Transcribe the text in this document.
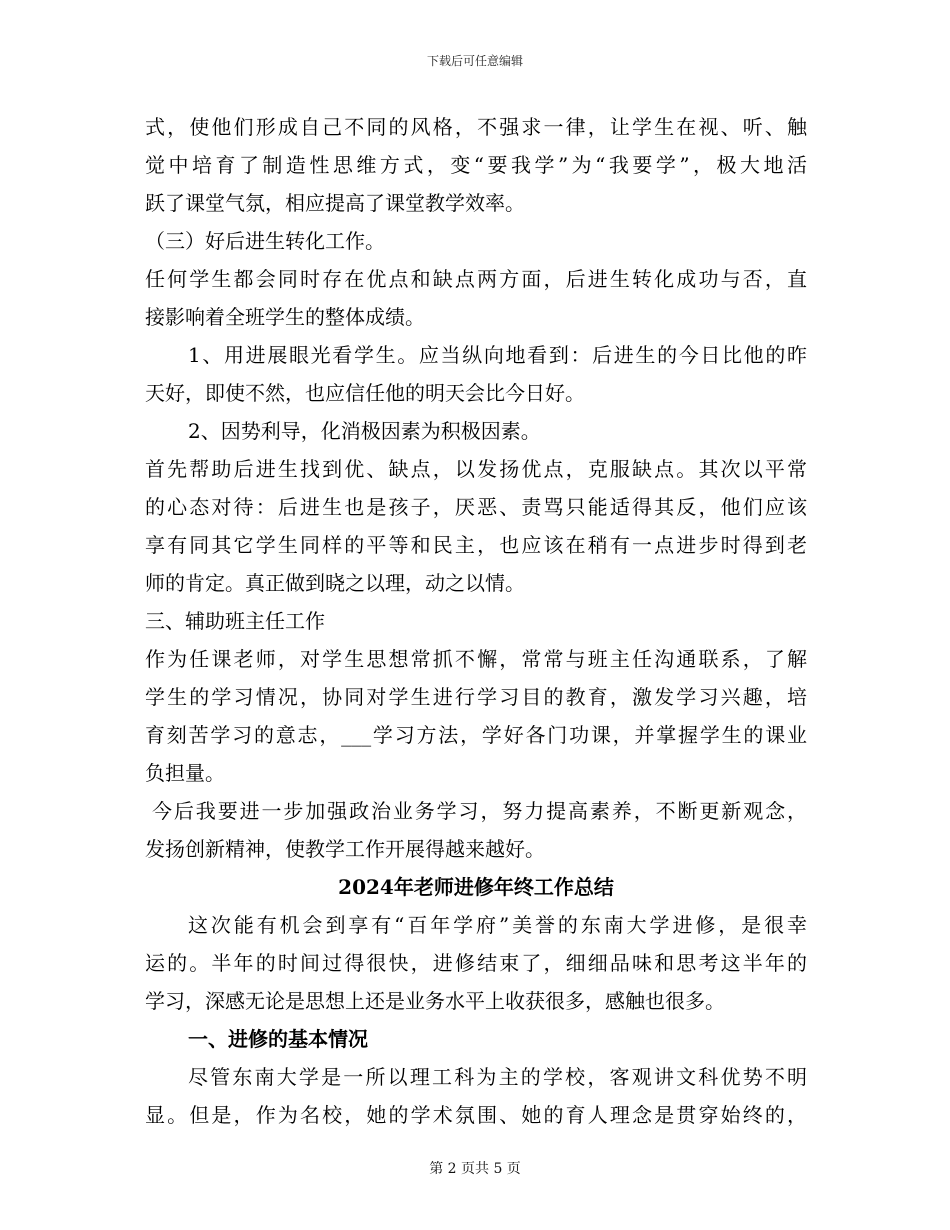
下载后可任意编辑
式，使他们形成自己不同的风格，不强求一律，让学生在视、听、触
觉中培育了制造性思维方式，变“要我学”为“我要学”，极大地活
跃了课堂气氛，相应提高了课堂教学效率。
（三）好后进生转化工作。
任何学生都会同时存在优点和缺点两方面，后进生转化成功与否，直
接影响着全班学生的整体成绩。
1、用进展眼光看学生。应当纵向地看到：后进生的今日比他的昨
天好，即使不然，也应信任他的明天会比今日好。
2、因势利导，化消极因素为积极因素。
首先帮助后进生找到优、缺点，以发扬优点，克服缺点。其次以平常
的心态对待：后进生也是孩子，厌恶、责骂只能适得其反，他们应该
享有同其它学生同样的平等和民主，也应该在稍有一点进步时得到老
师的肯定。真正做到晓之以理，动之以情。
三、辅助班主任工作
作为任课老师，对学生思想常抓不懈，常常与班主任沟通联系，了解
学生的学习情况，协同对学生进行学习目的教育，激发学习兴趣，培
育刻苦学习的意志，___学习方法，学好各门功课，并掌握学生的课业
负担量。
今后我要进一步加强政治业务学习，努力提高素养，不断更新观念，
发扬创新精神，使教学工作开展得越来越好。
2024年老师进修年终工作总结
这次能有机会到享有“百年学府”美誉的东南大学进修，是很幸
运的。半年的时间过得很快，进修结束了，细细品味和思考这半年的
学习，深感无论是思想上还是业务水平上收获很多，感触也很多。
一、进修的基本情况
尽管东南大学是一所以理工科为主的学校，客观讲文科优势不明
显。但是，作为名校，她的学术氛围、她的育人理念是贯穿始终的，
第 2 页共 5 页
